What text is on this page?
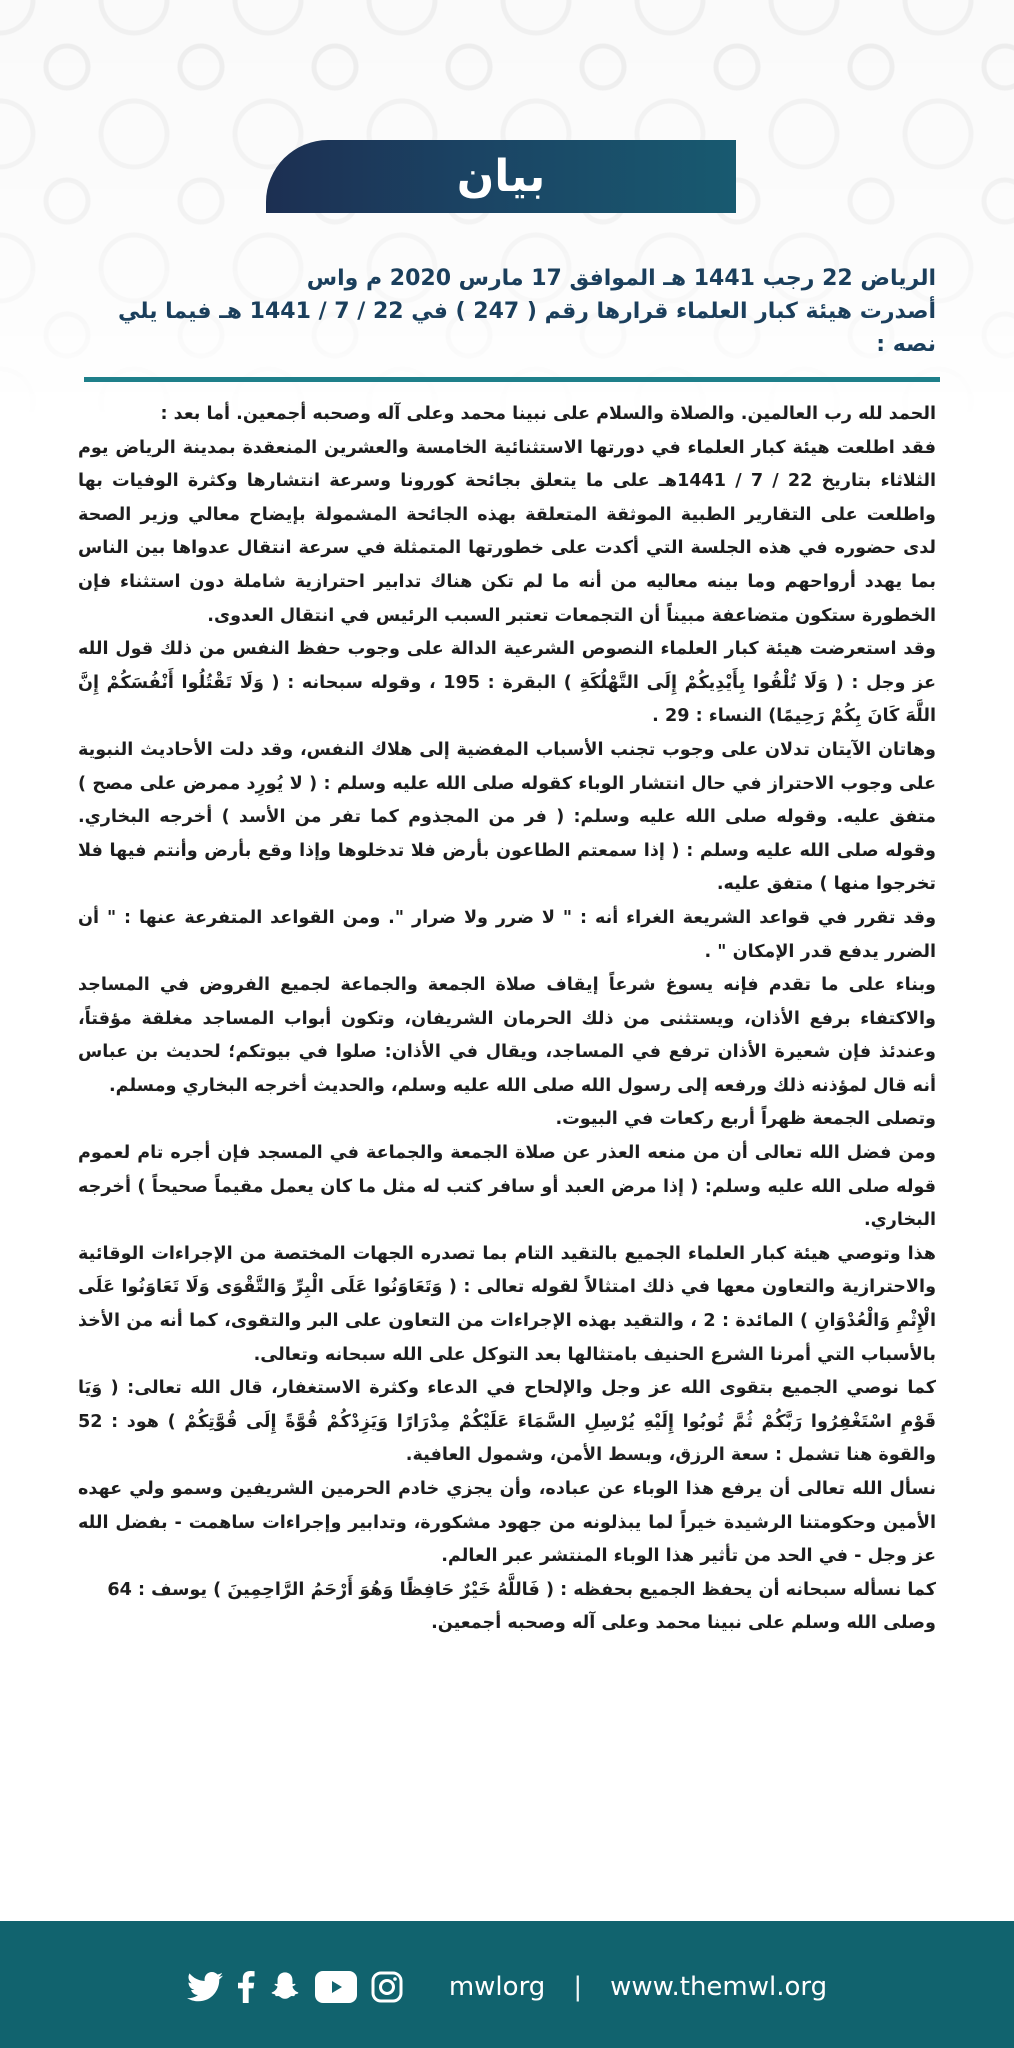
بيان
الرياض 22 رجب 1441 هـ الموافق 17 مارس 2020 م واس
أصدرت هيئة كبار العلماء قرارها رقم ( 247 ) في 22 / 7 / 1441 هـ فيما يلي نصه :

الحمد لله رب العالمين. والصلاة والسلام على نبينا محمد وعلى آله وصحبه أجمعين. أما بعد :

فقد اطلعت هيئة كبار العلماء في دورتها الاستثنائية الخامسة والعشرين المنعقدة بمدينة الرياض يوم الثلاثاء بتاريخ 22 / 7 / 1441هـ على ما يتعلق بجائحة كورونا وسرعة انتشارها وكثرة الوفيات بها واطلعت على التقارير الطبية الموثقة المتعلقة بهذه الجائحة المشمولة بإيضاح معالي وزير الصحة لدى حضوره في هذه الجلسة التي أكدت على خطورتها المتمثلة في سرعة انتقال عدواها بين الناس بما يهدد أرواحهم وما بينه معاليه من أنه ما لم تكن هناك تدابير احترازية شاملة دون استثناء فإن الخطورة ستكون متضاعفة مبيناً أن التجمعات تعتبر السبب الرئيس في انتقال العدوى.

وقد استعرضت هيئة كبار العلماء النصوص الشرعية الدالة على وجوب حفظ النفس من ذلك قول الله عز وجل : ( وَلَا تُلْقُوا بِأَيْدِيكُمْ إِلَى التَّهْلُكَةِ ) البقرة : 195 ، وقوله سبحانه : ( وَلَا تَقْتُلُوا أَنْفُسَكُمْ إِنَّ اللَّهَ كَانَ بِكُمْ رَحِيمًا) النساء : 29 .

وهاتان الآيتان تدلان على وجوب تجنب الأسباب المفضية إلى هلاك النفس، وقد دلت الأحاديث النبوية على وجوب الاحتراز في حال انتشار الوباء كقوله صلى الله عليه وسلم : ( لا يُورِد ممرض على مصح ) متفق عليه. وقوله صلى الله عليه وسلم: ( فر من المجذوم كما تفر من الأسد ) أخرجه البخاري. وقوله صلى الله عليه وسلم : ( إذا سمعتم الطاعون بأرض فلا تدخلوها وإذا وقع بأرض وأنتم فيها فلا تخرجوا منها ) متفق عليه.

وقد تقرر في قواعد الشريعة الغراء أنه : " لا ضرر ولا ضرار ". ومن القواعد المتفرعة عنها : " أن الضرر يدفع قدر الإمكان " .

وبناء على ما تقدم فإنه يسوغ شرعاً إيقاف صلاة الجمعة والجماعة لجميع الفروض في المساجد والاكتفاء برفع الأذان، ويستثنى من ذلك الحرمان الشريفان، وتكون أبواب المساجد مغلقة مؤقتاً، وعندئذ فإن شعيرة الأذان ترفع في المساجد، ويقال في الأذان: صلوا في بيوتكم؛ لحديث بن عباس أنه قال لمؤذنه ذلك ورفعه إلى رسول الله صلى الله عليه وسلم، والحديث أخرجه البخاري ومسلم.

وتصلى الجمعة ظهراً أربع ركعات في البيوت.

ومن فضل الله تعالى أن من منعه العذر عن صلاة الجمعة والجماعة في المسجد فإن أجره تام لعموم قوله صلى الله عليه وسلم: ( إذا مرض العبد أو سافر كتب له مثل ما كان يعمل مقيماً صحيحاً ) أخرجه البخاري.

هذا وتوصي هيئة كبار العلماء الجميع بالتقيد التام بما تصدره الجهات المختصة من الإجراءات الوقائية والاحترازية والتعاون معها في ذلك امتثالاً لقوله تعالى : ( وَتَعَاوَنُوا عَلَى الْبِرِّ وَالتَّقْوَى وَلَا تَعَاوَنُوا عَلَى الْإِثْمِ وَالْعُدْوَانِ ) المائدة : 2 ، والتقيد بهذه الإجراءات من التعاون على البر والتقوى، كما أنه من الأخذ بالأسباب التي أمرنا الشرع الحنيف بامتثالها بعد التوكل على الله سبحانه وتعالى.

كما نوصي الجميع بتقوى الله عز وجل والإلحاح في الدعاء وكثرة الاستغفار، قال الله تعالى: ( وَيَا قَوْمِ اسْتَغْفِرُوا رَبَّكُمْ ثُمَّ تُوبُوا إِلَيْهِ يُرْسِلِ السَّمَاءَ عَلَيْكُمْ مِدْرَارًا وَيَزِدْكُمْ قُوَّةً إِلَى قُوَّتِكُمْ ) هود : 52 والقوة هنا تشمل : سعة الرزق، وبسط الأمن، وشمول العافية.

نسأل الله تعالى أن يرفع هذا الوباء عن عباده، وأن يجزي خادم الحرمين الشريفين وسمو ولي عهده الأمين وحكومتنا الرشيدة خيراً لما يبذلونه من جهود مشكورة، وتدابير وإجراءات ساهمت - بفضل الله عز وجل - في الحد من تأثير هذا الوباء المنتشر عبر العالم.

كما نسأله سبحانه أن يحفظ الجميع بحفظه : ( فَاللَّهُ خَيْرٌ حَافِظًا وَهُوَ أَرْحَمُ الرَّاحِمِينَ ) يوسف : 64

وصلى الله وسلم على نبينا محمد وعلى آله وصحبه أجمعين.

mwlorg | www.themwl.org
